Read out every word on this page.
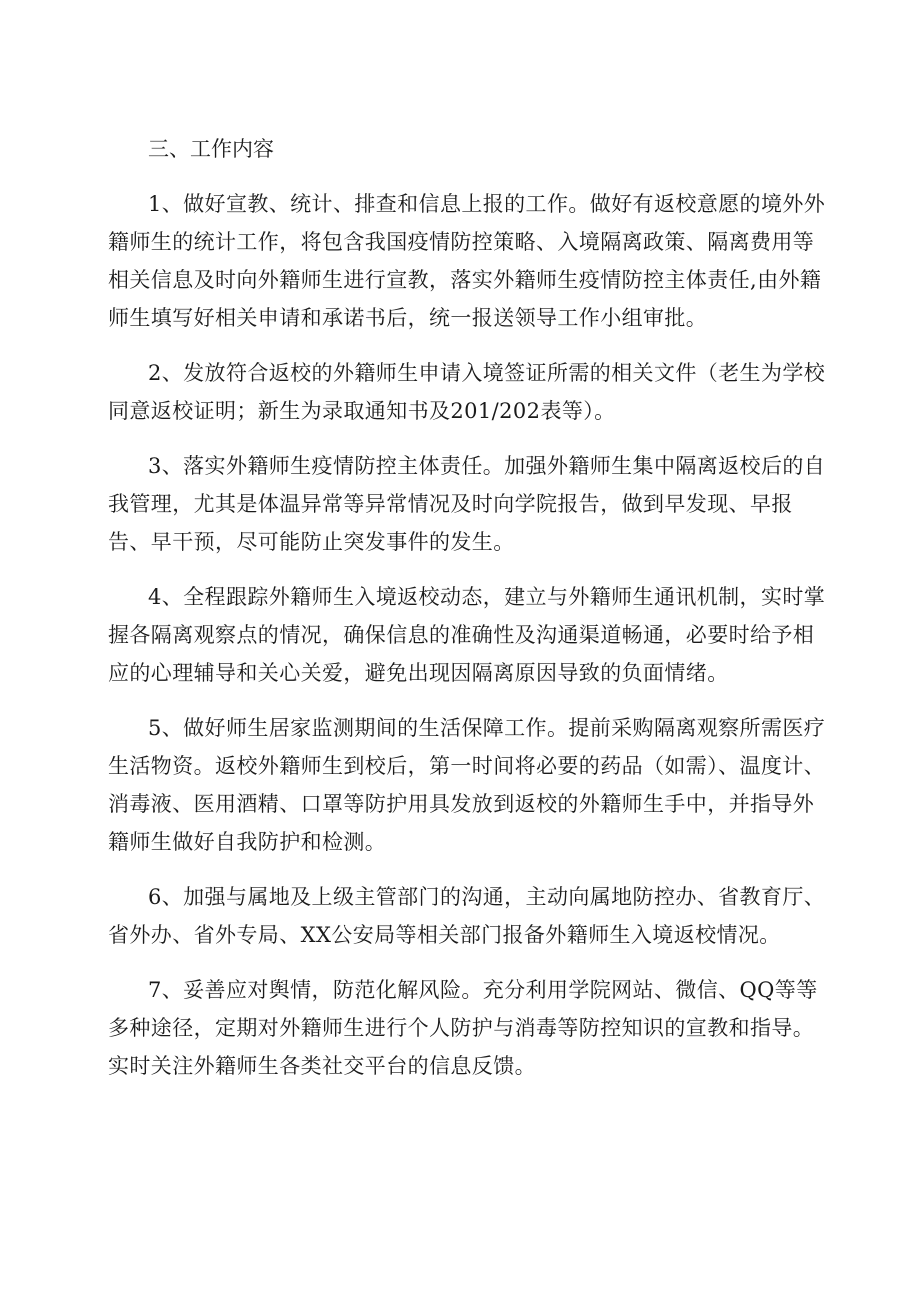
三、工作内容

1、做好宣教、统计、排查和信息上报的工作。做好有返校意愿的境外外籍师生的统计工作，将包含我国疫情防控策略、入境隔离政策、隔离费用等相关信息及时向外籍师生进行宣教，落实外籍师生疫情防控主体责任,由外籍师生填写好相关申请和承诺书后，统一报送领导工作小组审批。

2、发放符合返校的外籍师生申请入境签证所需的相关文件（老生为学校同意返校证明；新生为录取通知书及201/202表等）。

3、落实外籍师生疫情防控主体责任。加强外籍师生集中隔离返校后的自我管理，尤其是体温异常等异常情况及时向学院报告，做到早发现、早报告、早干预，尽可能防止突发事件的发生。

4、全程跟踪外籍师生入境返校动态，建立与外籍师生通讯机制，实时掌握各隔离观察点的情况，确保信息的准确性及沟通渠道畅通，必要时给予相应的心理辅导和关心关爱，避免出现因隔离原因导致的负面情绪。

5、做好师生居家监测期间的生活保障工作。提前采购隔离观察所需医疗生活物资。返校外籍师生到校后，第一时间将必要的药品（如需）、温度计、消毒液、医用酒精、口罩等防护用具发放到返校的外籍师生手中，并指导外籍师生做好自我防护和检测。

6、加强与属地及上级主管部门的沟通，主动向属地防控办、省教育厅、省外办、省外专局、XX公安局等相关部门报备外籍师生入境返校情况。

7、妥善应对舆情，防范化解风险。充分利用学院网站、微信、QQ等等多种途径，定期对外籍师生进行个人防护与消毒等防控知识的宣教和指导。实时关注外籍师生各类社交平台的信息反馈。
